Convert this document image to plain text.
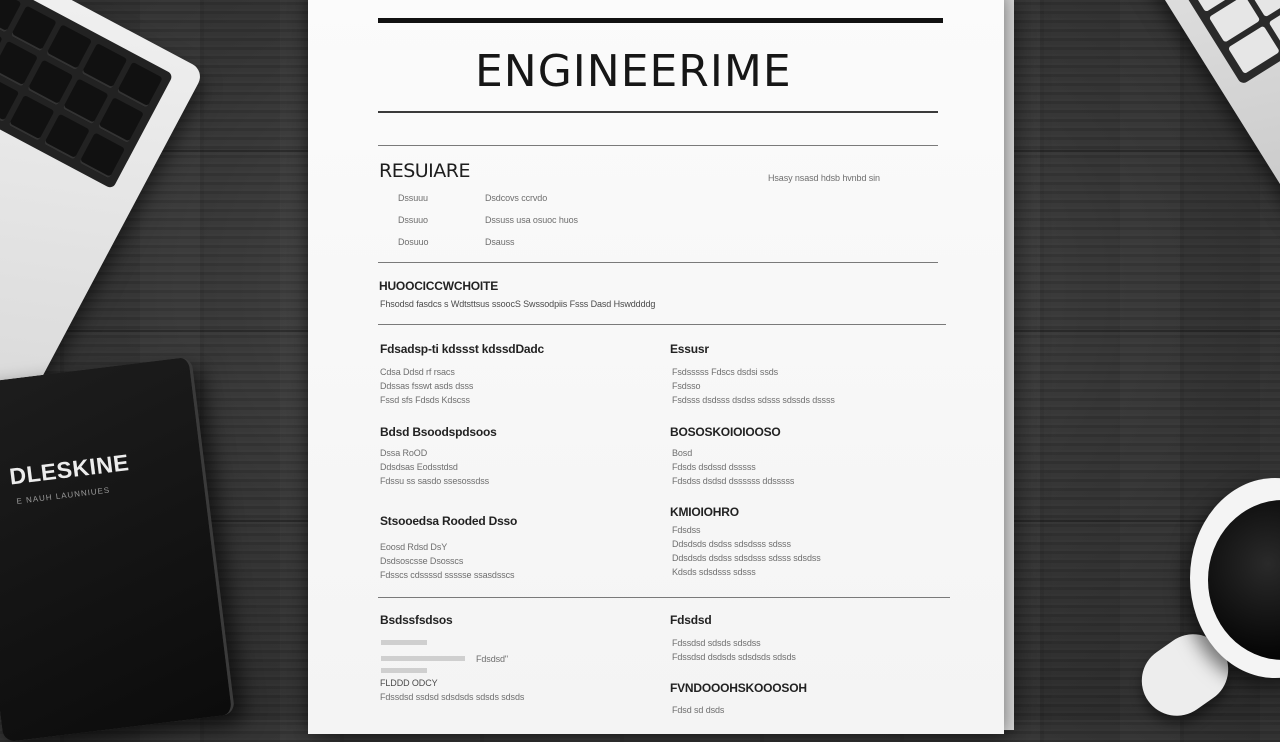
DLESKINE
E NAUH LAUNNIUES
ENGINEERIME
RESUIARE	Hsasy nsasd hdsb hvnbd sin
Dssuuu	Dsdcovs ccrvdo
Dssuuo	Dssuss usa osuoc huos
Dosuuo	Dsauss
HUOOCICCWCHOITE
Fhsodsd fasdcs s Wdtsttsus ssoocS Swssodpiis Fsss Dasd Hswddddg
Fdsadsp-ti kdssst kdssdDadc
Cdsa Ddsd rf rsacs
Ddssas fsswt asds dsss
Fssd sfs Fdsds Kdscss
Bdsd Bsoodspdsoos
Dssa RoOD
Ddsdsas Eodsstdsd
Fdssu ss sasdo ssesossdss
Stsooedsa Rooded Dsso
Eoosd Rdsd DsY
Dsdsoscsse Dsosscs
Fdsscs cdssssd ssssse ssasdsscs
Essusr
Fsdsssss Fdscs dsdsi ssds
Fsdsso
Fsdsss dsdsss dsdss sdsss sdssds dssss
BOSOSKOIOIOOSO
Bosd
Fdsds dsdssd dsssss
Fdsdss dsdsd dssssss ddsssss
KMIOIOHRO
Fdsdss
Ddsdsds dsdss sdsdsss sdsss
Ddsdsds dsdss sdsdsss sdsss sdsdss
Kdsds sdsdsss sdsss
Bsdssfsdsos
Fdsdsd"
FLDDD ODCY
Fdssdsd ssdsd sdsdsds sdsds sdsds
Fdsdsd
Fdssdsd sdsds sdsdss
Fdssdsd dsdsds sdsdsds sdsds
FVNDOOOHSKOOOSOH
Fdsd sd dsds
